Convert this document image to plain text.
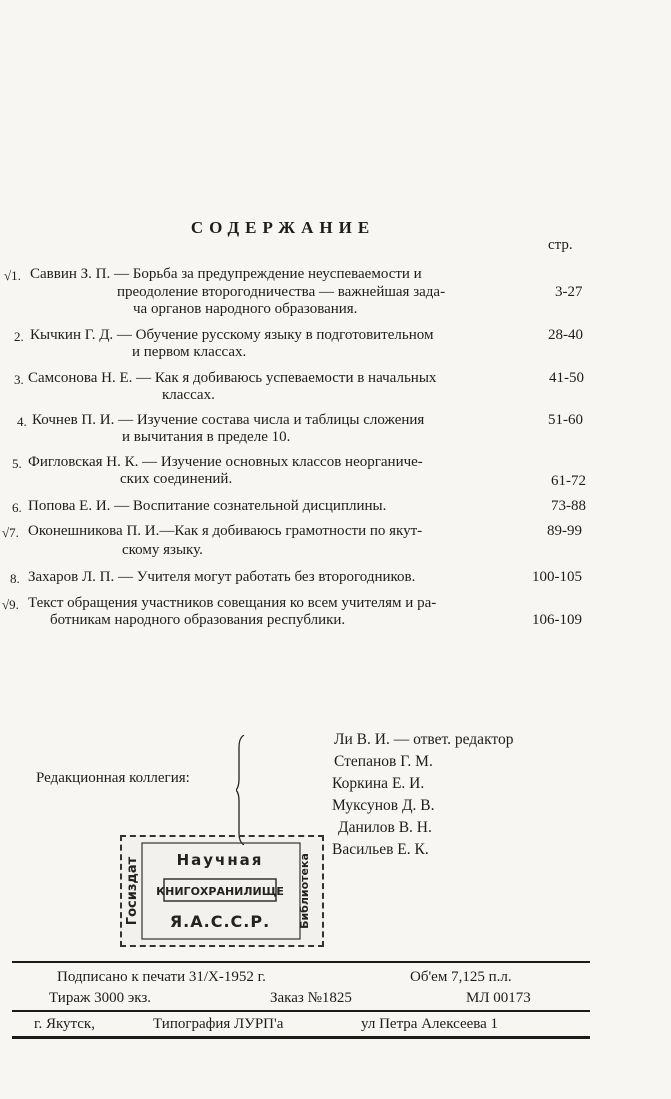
СОДЕРЖАНИЕ
стр.
√1. Саввин З. П. — Борьба за предупреждение неуспеваемости и
преодоление второгодничества — важнейшая зада-
ча органов народного образования.
3-27
2. Кычкин Г. Д. — Обучение русскому языку в подготовительном
и первом классах.
28-40
3. Самсонова Н. Е. — Как я добиваюсь успеваемости в начальных
классах.
41-50
4. Кочнев П. И. — Изучение состава числа и таблицы сложения
и вычитания в пределе 10.
51-60
5. Фигловская Н. К. — Изучение основных классов неорганиче-
ских соединений.	61-72
6. Попова Е. И. — Воспитание сознательной дисциплины.	73-88
√7. Оконешникова П. И.—Как я добиваюсь грамотности по якут-
скому языку.
89-99
8. Захаров Л. П. — Учителя могут работать без второгодников.	100-105
√9. Текст обращения участников совещания ко всем учителям и ра-
ботникам народного образования республики.	106-109
Редакционная коллегия:
Ли В. И. — ответ. редактор
Степанов Г. М.
Коркина Е. И.
Муксунов Д. В.
Данилов В. Н.
Васильев Е. К.
Госиздат Научная
КНИГОХРАНИЛИЩЕ
Я.А.С.С.Р.	Библиотека
Подписано к печати 31/X-1952 г.	Об'ем 7,125 п.л.
Тираж 3000 экз.	Заказ №1825	МЛ 00173
г. Якутск,	Типография ЛУРП'а	ул Петра Алексеева 1
